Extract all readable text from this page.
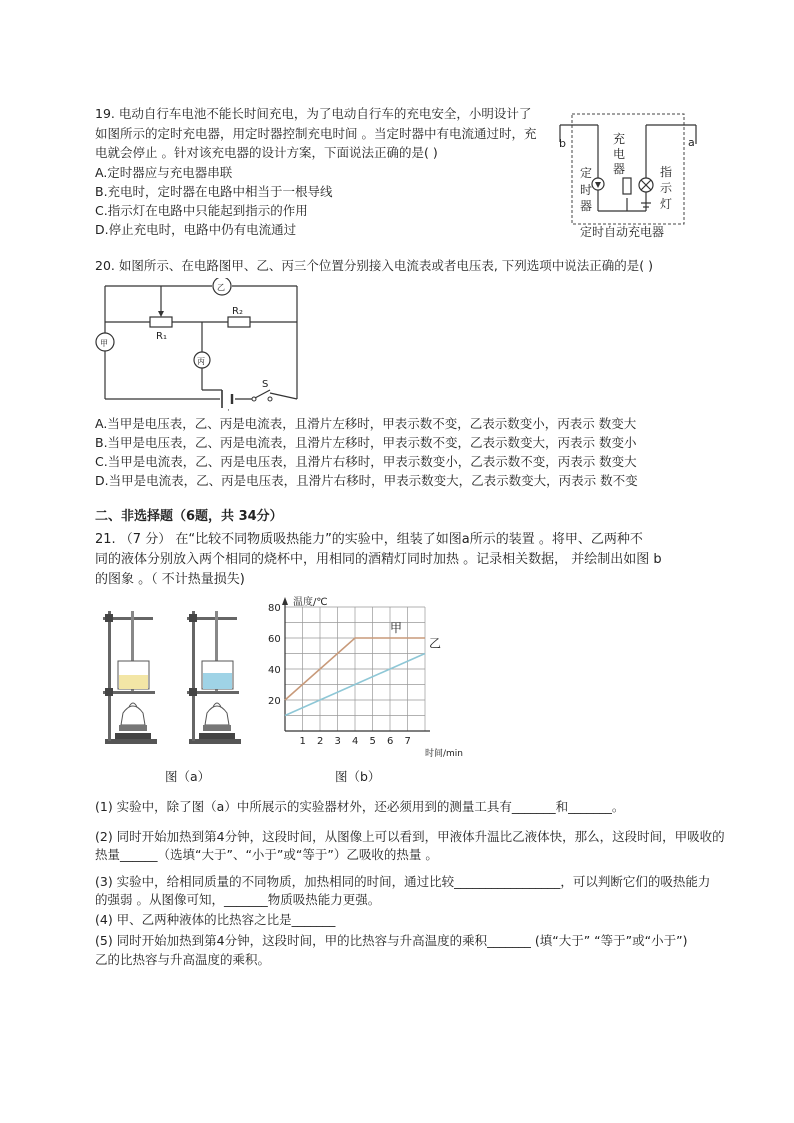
19. 电动自行车电池不能长时间充电，为了电动自行车的充电安全，小明设计了
如图所示的定时充电器，用定时器控制充电时间 。当定时器中有电流通过时，充
电就会停止 。针对该充电器的设计方案，下面说法正确的是( )
A.定时器应与充电器串联
B.充电时，定时器在电路中相当于一根导线
C.指示灯在电路中只能起到指示的作用
D.停止充电时，电路中仍有电流通过
b	a
充
电
器
定
时
器
指
示
灯
定时自动充电器
20. 如图所示、在电路图甲、乙、丙三个位置分别接入电流表或者电压表, 下列选项中说法正确的是( )
·
S
丙
甲
乙
R₁
R₂
A.当甲是电压表，乙、丙是电流表，且滑片左移时，甲表示数不变，乙表示数变小，丙表示 数变大
B.当甲是电压表，乙、丙是电流表，且滑片左移时，甲表示数不变，乙表示数变大，丙表示 数变小
C.当甲是电流表，乙、丙是电压表，且滑片右移时，甲表示数变小，乙表示数不变，丙表示 数变大
D.当甲是电流表，乙、丙是电压表，且滑片右移时，甲表示数变大，乙表示数变大，丙表示 数不变
二、非选择题（6题，共 34分）
21. （7 分） 在“比较不同物质吸热能力”的实验中，组装了如图a所示的装置 。将甲、乙两种不
同的液体分别放入两个相同的烧杯中，用相同的酒精灯同时加热 。记录相关数据， 并绘制出如图 b
的图象 。（ 不计热量损失)
温度/℃
时间/min
1 2 3 4 5 6 7
20
40
60
80
甲
乙
图（a）	图（b）
(1) 实验中，除了图（a）中所展示的实验器材外，还必须用到的测量工具有_______和_______。
(2) 同时开始加热到第4分钟，这段时间，从图像上可以看到，甲液体升温比乙液体快，那么，这段时间，甲吸收的
热量______（选填“大于”、“小于”或“等于”）乙吸收的热量 。
(3) 实验中，给相同质量的不同物质，加热相同的时间，通过比较_________________，可以判断它们的吸热能力
的强弱 。从图像可知，_______物质吸热能力更强。
(4) 甲、乙两种液体的比热容之比是_______
(5) 同时开始加热到第4分钟，这段时间，甲的比热容与升高温度的乘积_______ (填“大于” “等于”或“小于”)
乙的比热容与升高温度的乘积。
